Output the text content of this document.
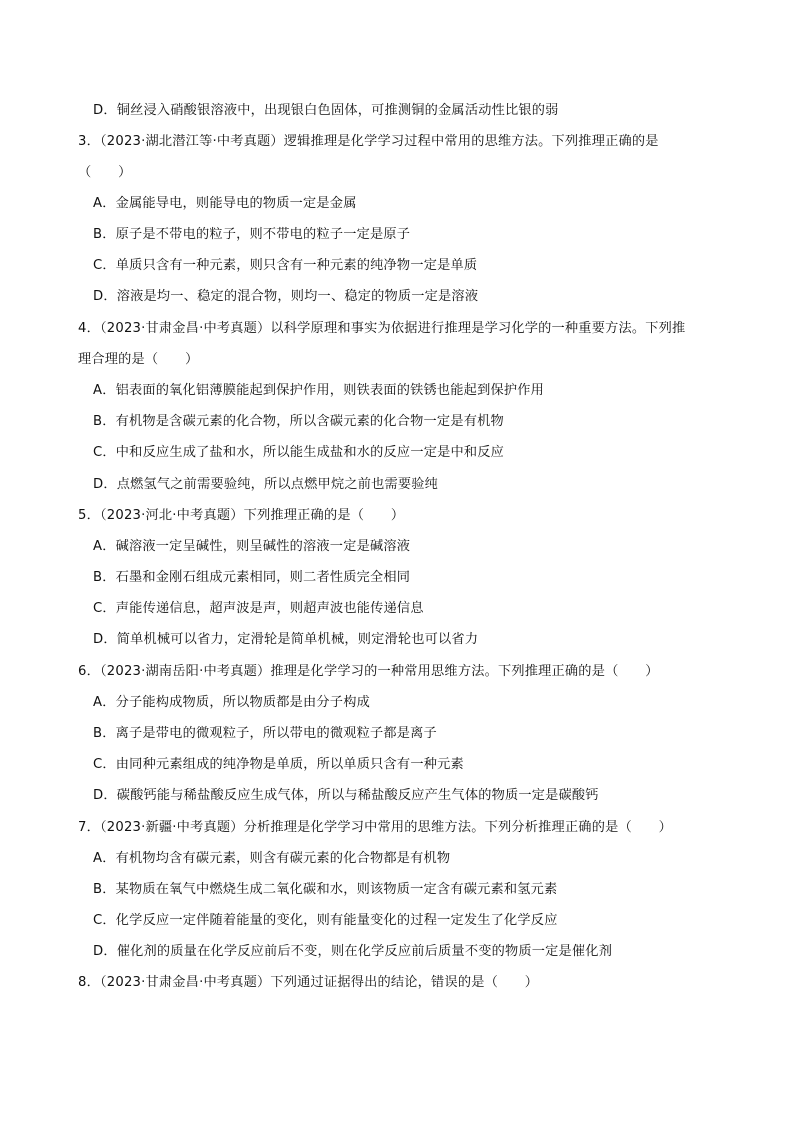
D．铜丝浸入硝酸银溶液中，出现银白色固体，可推测铜的金属活动性比银的弱
3．（2023·湖北潜江等·中考真题）逻辑推理是化学学习过程中常用的思维方法。下列推理正确的是
（　　）
A．金属能导电，则能导电的物质一定是金属
B．原子是不带电的粒子，则不带电的粒子一定是原子
C．单质只含有一种元素，则只含有一种元素的纯净物一定是单质
D．溶液是均一、稳定的混合物，则均一、稳定的物质一定是溶液
4．（2023·甘肃金昌·中考真题）以科学原理和事实为依据进行推理是学习化学的一种重要方法。下列推
理合理的是（　　）
A．铝表面的氧化铝薄膜能起到保护作用，则铁表面的铁锈也能起到保护作用
B．有机物是含碳元素的化合物，所以含碳元素的化合物一定是有机物
C．中和反应生成了盐和水，所以能生成盐和水的反应一定是中和反应
D．点燃氢气之前需要验纯，所以点燃甲烷之前也需要验纯
5．（2023·河北·中考真题）下列推理正确的是（　　）
A．碱溶液一定呈碱性，则呈碱性的溶液一定是碱溶液
B．石墨和金刚石组成元素相同，则二者性质完全相同
C．声能传递信息，超声波是声，则超声波也能传递信息
D．简单机械可以省力，定滑轮是简单机械，则定滑轮也可以省力
6．（2023·湖南岳阳·中考真题）推理是化学学习的一种常用思维方法。下列推理正确的是（　　）
A．分子能构成物质，所以物质都是由分子构成
B．离子是带电的微观粒子，所以带电的微观粒子都是离子
C．由同种元素组成的纯净物是单质，所以单质只含有一种元素
D．碳酸钙能与稀盐酸反应生成气体，所以与稀盐酸反应产生气体的物质一定是碳酸钙
7．（2023·新疆·中考真题）分析推理是化学学习中常用的思维方法。下列分析推理正确的是（　　）
A．有机物均含有碳元素，则含有碳元素的化合物都是有机物
B．某物质在氧气中燃烧生成二氧化碳和水，则该物质一定含有碳元素和氢元素
C．化学反应一定伴随着能量的变化，则有能量变化的过程一定发生了化学反应
D．催化剂的质量在化学反应前后不变，则在化学反应前后质量不变的物质一定是催化剂
8．（2023·甘肃金昌·中考真题）下列通过证据得出的结论，错误的是（　　）
